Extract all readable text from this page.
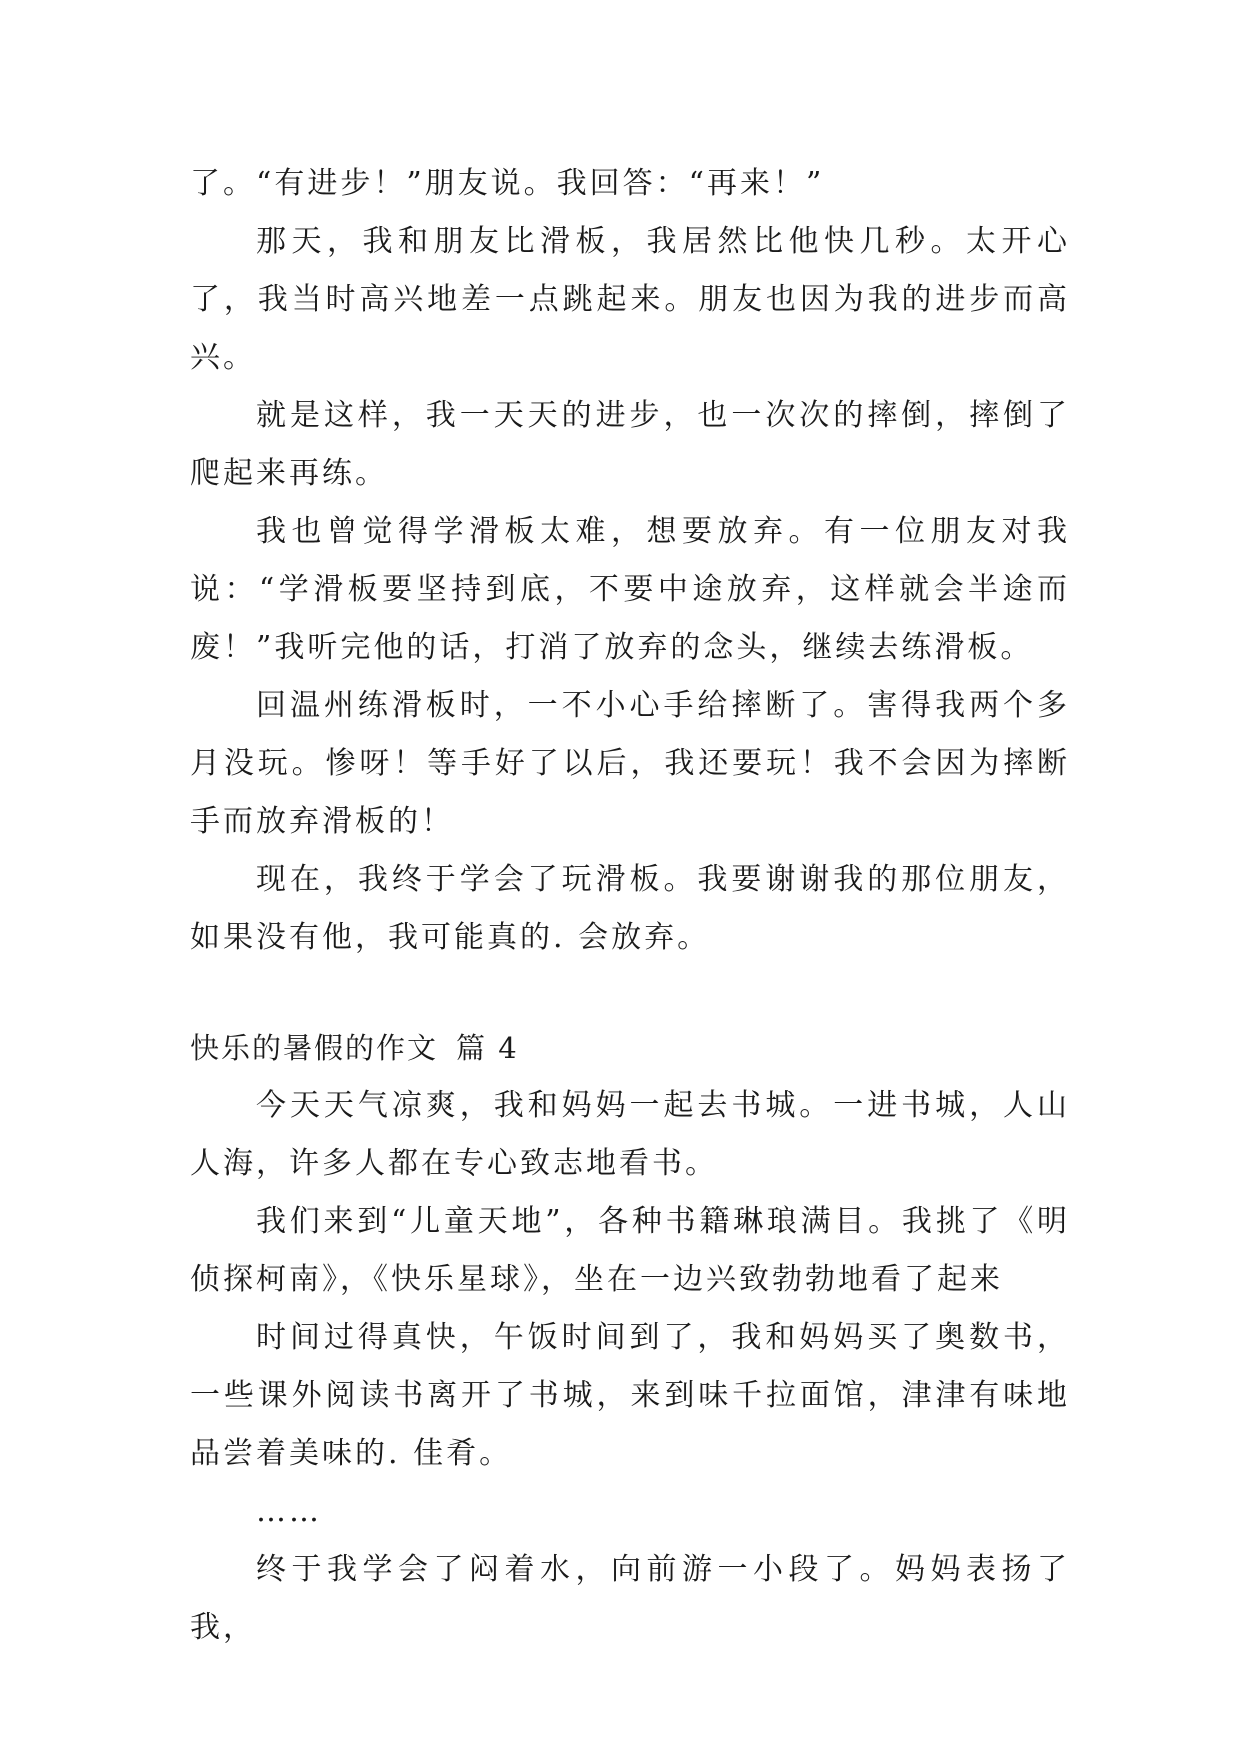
了。“有进步！”朋友说。我回答：“再来！”

那天，我和朋友比滑板，我居然比他快几秒。太开心了，我当时高兴地差一点跳起来。朋友也因为我的进步而高兴。

就是这样，我一天天的进步，也一次次的摔倒，摔倒了爬起来再练。

我也曾觉得学滑板太难，想要放弃。有一位朋友对我说：“学滑板要坚持到底，不要中途放弃，这样就会半途而废！”我听完他的话，打消了放弃的念头，继续去练滑板。

回温州练滑板时，一不小心手给摔断了。害得我两个多月没玩。惨呀！等手好了以后，我还要玩！我不会因为摔断手而放弃滑板的！

现在，我终于学会了玩滑板。我要谢谢我的那位朋友，如果没有他，我可能真的. 会放弃。

快乐的暑假的作文 篇 4

今天天气凉爽，我和妈妈一起去书城。一进书城，人山人海，许多人都在专心致志地看书。

我们来到“儿童天地”，各种书籍琳琅满目。我挑了《明侦探柯南》，《快乐星球》，坐在一边兴致勃勃地看了起来

时间过得真快，午饭时间到了，我和妈妈买了奥数书，一些课外阅读书离开了书城，来到味千拉面馆，津津有味地品尝着美味的. 佳肴。

……

终于我学会了闷着水，向前游一小段了。妈妈表扬了我，
